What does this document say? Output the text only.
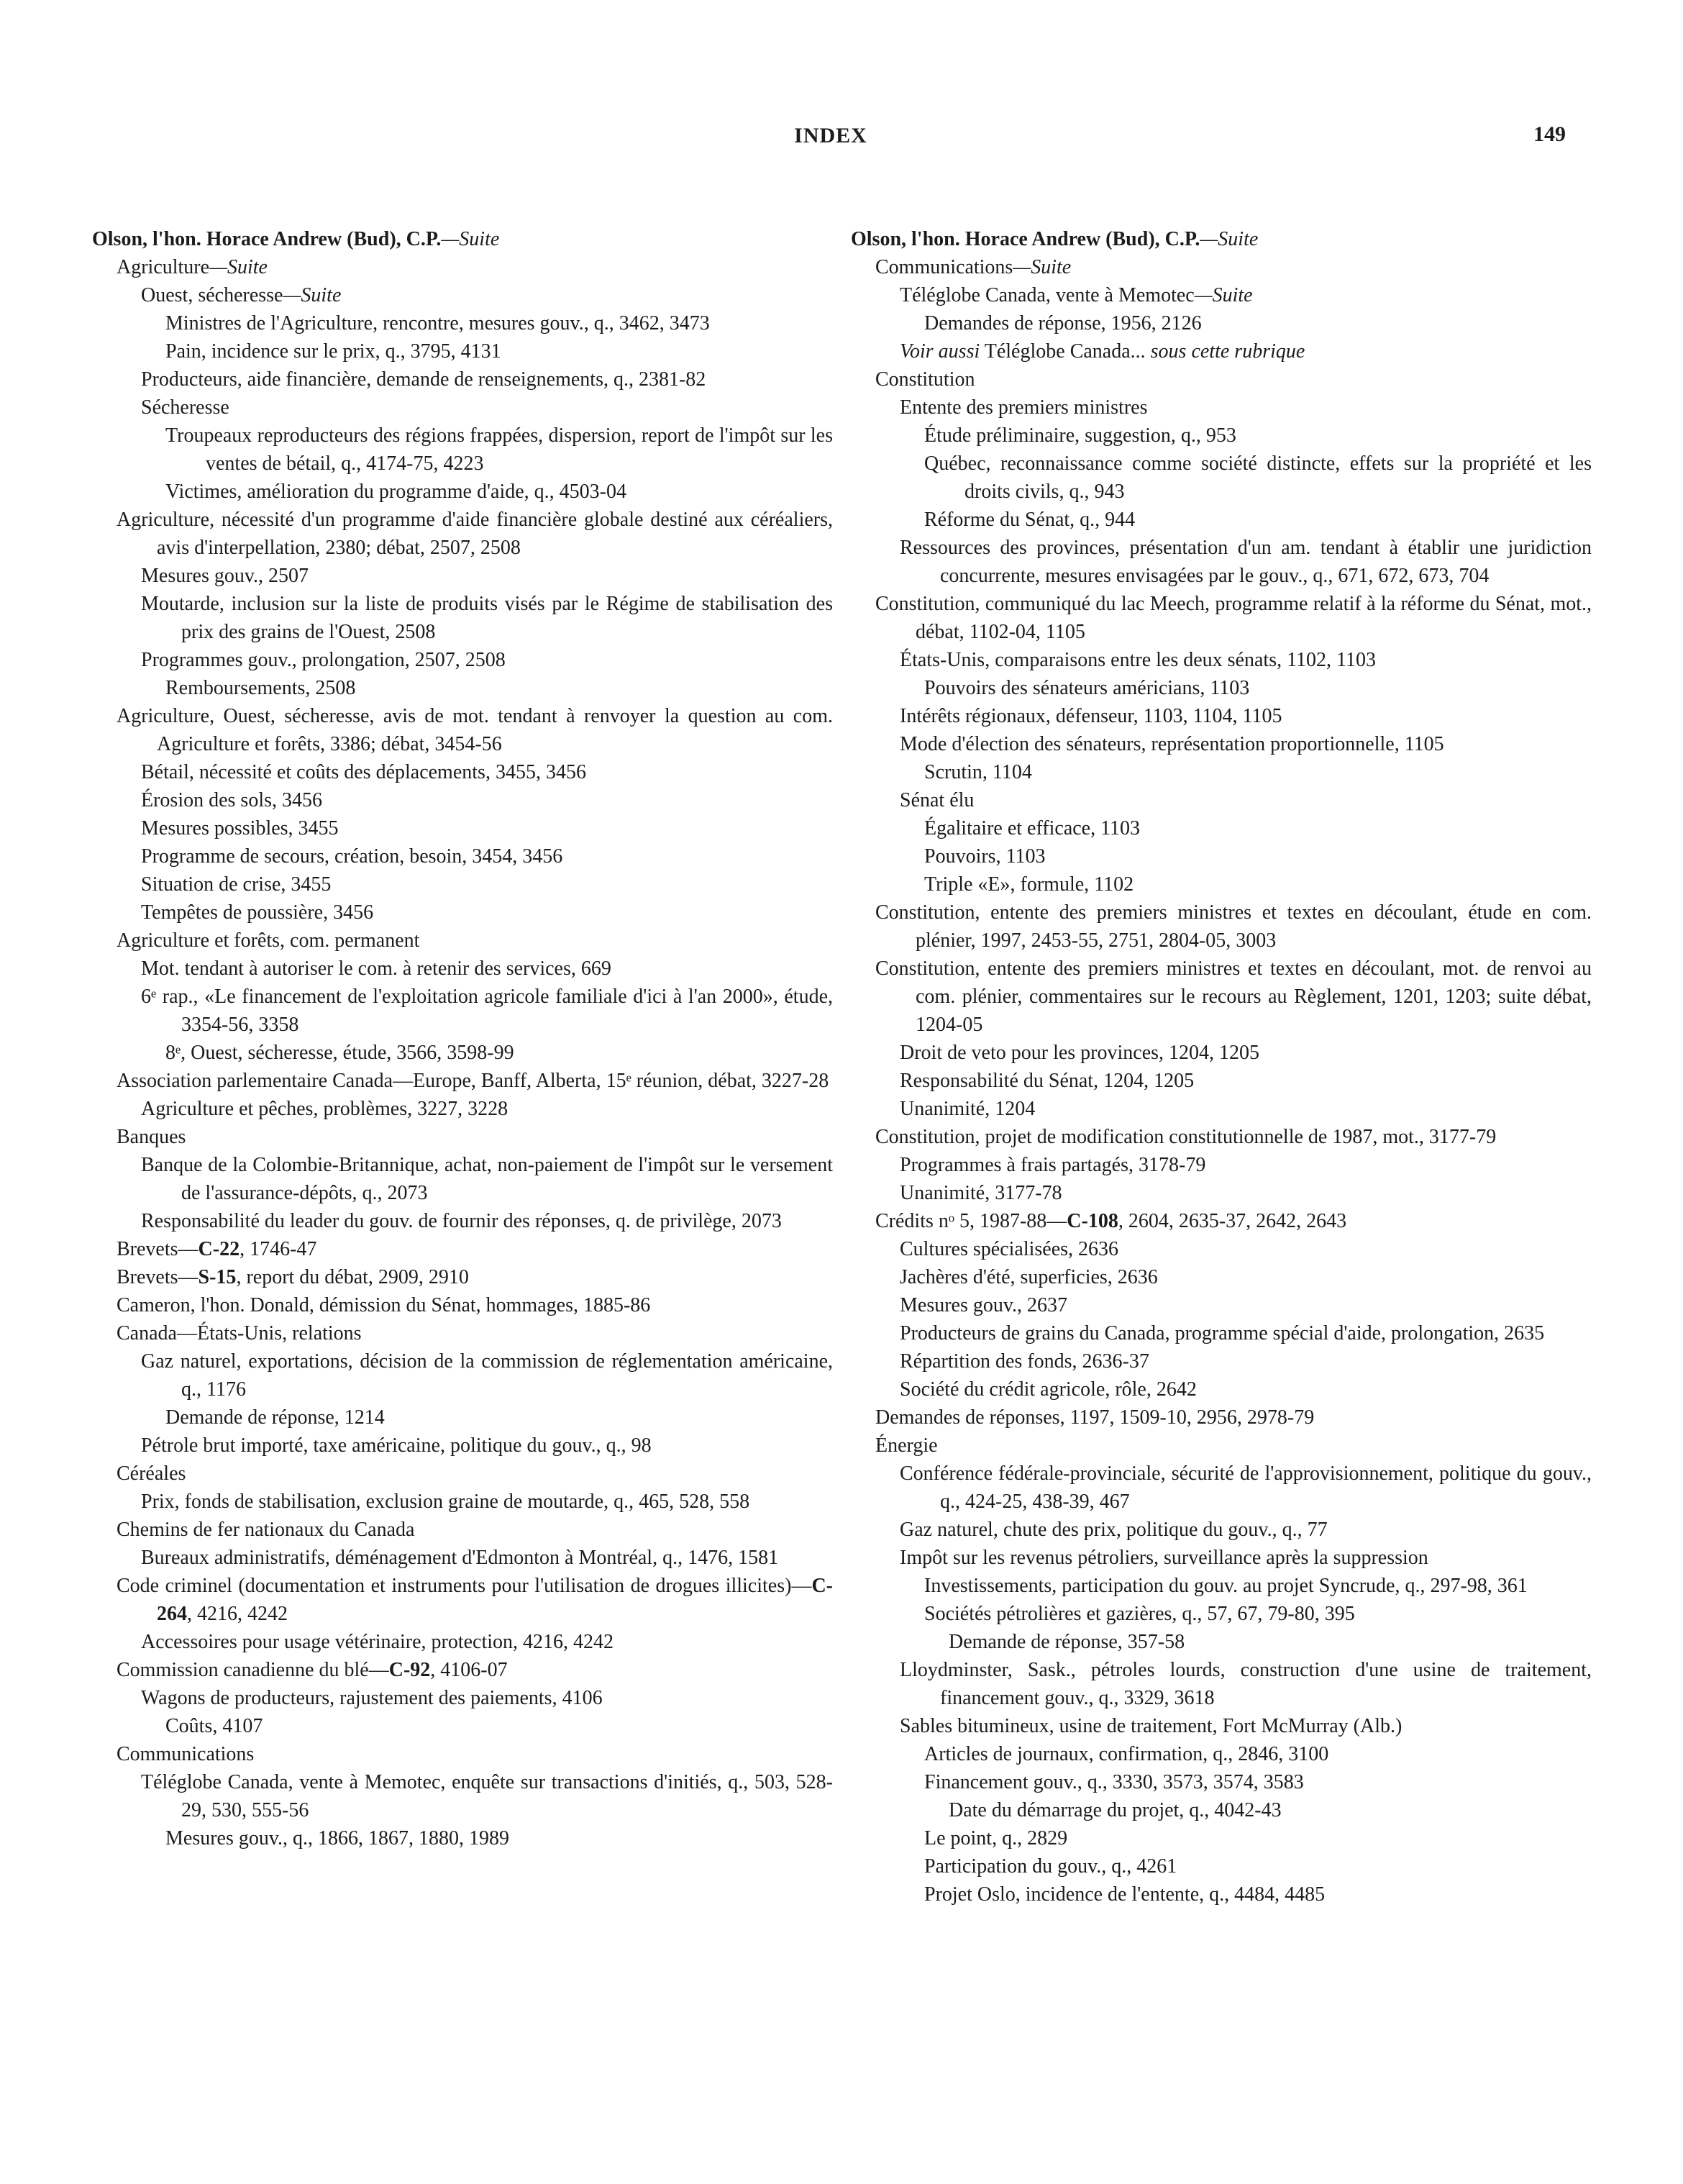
INDEX	149
Olson, l'hon. Horace Andrew (Bud), C.P.—Suite
Agriculture—Suite
Ouest, sécheresse—Suite
Ministres de l'Agriculture, rencontre, mesures gouv., q., 3462, 3473
Pain, incidence sur le prix, q., 3795, 4131
Producteurs, aide financière, demande de renseignements, q., 2381-82
Sécheresse
Troupeaux reproducteurs des régions frappées, dispersion, report de l'impôt sur les ventes de bétail, q., 4174-75, 4223
Victimes, amélioration du programme d'aide, q., 4503-04
Agriculture, nécessité d'un programme d'aide financière globale destiné aux céréaliers, avis d'interpellation, 2380; débat, 2507, 2508
Mesures gouv., 2507
Moutarde, inclusion sur la liste de produits visés par le Régime de stabilisation des prix des grains de l'Ouest, 2508
Programmes gouv., prolongation, 2507, 2508
Remboursements, 2508
Agriculture, Ouest, sécheresse, avis de mot. tendant à renvoyer la question au com. Agriculture et forêts, 3386; débat, 3454-56
Bétail, nécessité et coûts des déplacements, 3455, 3456
Érosion des sols, 3456
Mesures possibles, 3455
Programme de secours, création, besoin, 3454, 3456
Situation de crise, 3455
Tempêtes de poussière, 3456
Agriculture et forêts, com. permanent
Mot. tendant à autoriser le com. à retenir des services, 669
6ᵉ rap., «Le financement de l'exploitation agricole familiale d'ici à l'an 2000», étude, 3354-56, 3358
8ᵉ, Ouest, sécheresse, étude, 3566, 3598-99
Association parlementaire Canada—Europe, Banff, Alberta, 15ᵉ réunion, débat, 3227-28
Agriculture et pêches, problèmes, 3227, 3228
Banques
Banque de la Colombie-Britannique, achat, non-paiement de l'impôt sur le versement de l'assurance-dépôts, q., 2073
Responsabilité du leader du gouv. de fournir des réponses, q. de privilège, 2073
Brevets—C-22, 1746-47
Brevets—S-15, report du débat, 2909, 2910
Cameron, l'hon. Donald, démission du Sénat, hommages, 1885-86
Canada—États-Unis, relations
Gaz naturel, exportations, décision de la commission de réglementation américaine, q., 1176
Demande de réponse, 1214
Pétrole brut importé, taxe américaine, politique du gouv., q., 98
Céréales
Prix, fonds de stabilisation, exclusion graine de moutarde, q., 465, 528, 558
Chemins de fer nationaux du Canada
Bureaux administratifs, déménagement d'Edmonton à Montréal, q., 1476, 1581
Code criminel (documentation et instruments pour l'utilisation de drogues illicites)—C-264, 4216, 4242
Accessoires pour usage vétérinaire, protection, 4216, 4242
Commission canadienne du blé—C-92, 4106-07
Wagons de producteurs, rajustement des paiements, 4106
Coûts, 4107
Communications
Téléglobe Canada, vente à Memotec, enquête sur transactions d'initiés, q., 503, 528-29, 530, 555-56
Mesures gouv., q., 1866, 1867, 1880, 1989
Olson, l'hon. Horace Andrew (Bud), C.P.—Suite
Communications—Suite
Téléglobe Canada, vente à Memotec—Suite
Demandes de réponse, 1956, 2126
Voir aussi Téléglobe Canada... sous cette rubrique
Constitution
Entente des premiers ministres
Étude préliminaire, suggestion, q., 953
Québec, reconnaissance comme société distincte, effets sur la propriété et les droits civils, q., 943
Réforme du Sénat, q., 944
Ressources des provinces, présentation d'un am. tendant à établir une juridiction concurrente, mesures envisagées par le gouv., q., 671, 672, 673, 704
Constitution, communiqué du lac Meech, programme relatif à la réforme du Sénat, mot., débat, 1102-04, 1105
États-Unis, comparaisons entre les deux sénats, 1102, 1103
Pouvoirs des sénateurs américians, 1103
Intérêts régionaux, défenseur, 1103, 1104, 1105
Mode d'élection des sénateurs, représentation proportionnelle, 1105
Scrutin, 1104
Sénat élu
Égalitaire et efficace, 1103
Pouvoirs, 1103
Triple «E», formule, 1102
Constitution, entente des premiers ministres et textes en découlant, étude en com. plénier, 1997, 2453-55, 2751, 2804-05, 3003
Constitution, entente des premiers ministres et textes en découlant, mot. de renvoi au com. plénier, commentaires sur le recours au Règlement, 1201, 1203; suite débat, 1204-05
Droit de veto pour les provinces, 1204, 1205
Responsabilité du Sénat, 1204, 1205
Unanimité, 1204
Constitution, projet de modification constitutionnelle de 1987, mot., 3177-79
Programmes à frais partagés, 3178-79
Unanimité, 3177-78
Crédits nᵒ 5, 1987-88—C-108, 2604, 2635-37, 2642, 2643
Cultures spécialisées, 2636
Jachères d'été, superficies, 2636
Mesures gouv., 2637
Producteurs de grains du Canada, programme spécial d'aide, prolongation, 2635
Répartition des fonds, 2636-37
Société du crédit agricole, rôle, 2642
Demandes de réponses, 1197, 1509-10, 2956, 2978-79
Énergie
Conférence fédérale-provinciale, sécurité de l'approvisionnement, politique du gouv., q., 424-25, 438-39, 467
Gaz naturel, chute des prix, politique du gouv., q., 77
Impôt sur les revenus pétroliers, surveillance après la suppression
Investissements, participation du gouv. au projet Syncrude, q., 297-98, 361
Sociétés pétrolières et gazières, q., 57, 67, 79-80, 395
Demande de réponse, 357-58
Lloydminster, Sask., pétroles lourds, construction d'une usine de traitement, financement gouv., q., 3329, 3618
Sables bitumineux, usine de traitement, Fort McMurray (Alb.)
Articles de journaux, confirmation, q., 2846, 3100
Financement gouv., q., 3330, 3573, 3574, 3583
Date du démarrage du projet, q., 4042-43
Le point, q., 2829
Participation du gouv., q., 4261
Projet Oslo, incidence de l'entente, q., 4484, 4485
